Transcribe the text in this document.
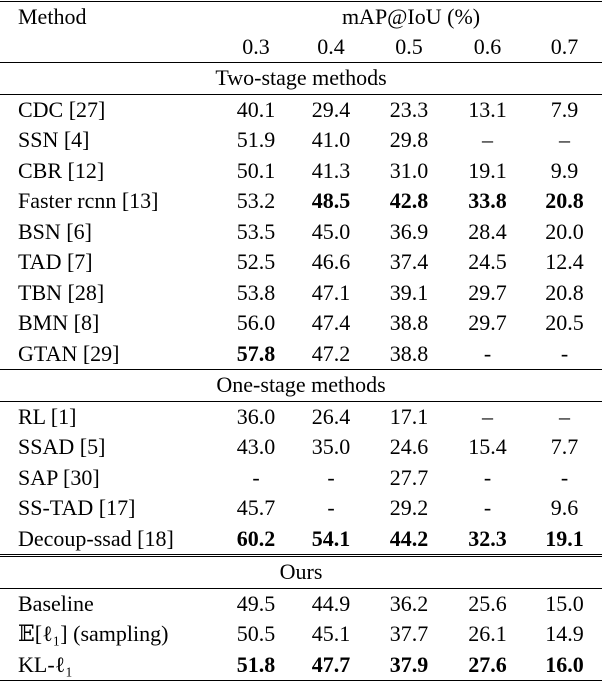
Method	mAP@IoU (%)				
	0.3	0.4	0.5	0.6	0.7
Two-stage methods					
CDC [27]	40.1	29.4	23.3	13.1	7.9
SSN [4]	51.9	41.0	29.8	–	–
CBR [12]	50.1	41.3	31.0	19.1	9.9
Faster rcnn [13]	53.2	48.5	42.8	33.8	20.8
BSN [6]	53.5	45.0	36.9	28.4	20.0
TAD [7]	52.5	46.6	37.4	24.5	12.4
TBN [28]	53.8	47.1	39.1	29.7	20.8
BMN [8]	56.0	47.4	38.8	29.7	20.5
GTAN [29]	57.8	47.2	38.8	-	-
One-stage methods					
RL [1]	36.0	26.4	17.1	–	–
SSAD [5]	43.0	35.0	24.6	15.4	7.7
SAP [30]	-	-	27.7	-	-
SS-TAD [17]	45.7	-	29.2	-	9.6
Decoup-ssad [18]	60.2	54.1	44.2	32.3	19.1
Ours					
Baseline	49.5	44.9	36.2	25.6	15.0
𝔼[ℓ₁] (sampling)	50.5	45.1	37.7	26.1	14.9
KL-ℓ₁	51.8	47.7	37.9	27.6	16.0
